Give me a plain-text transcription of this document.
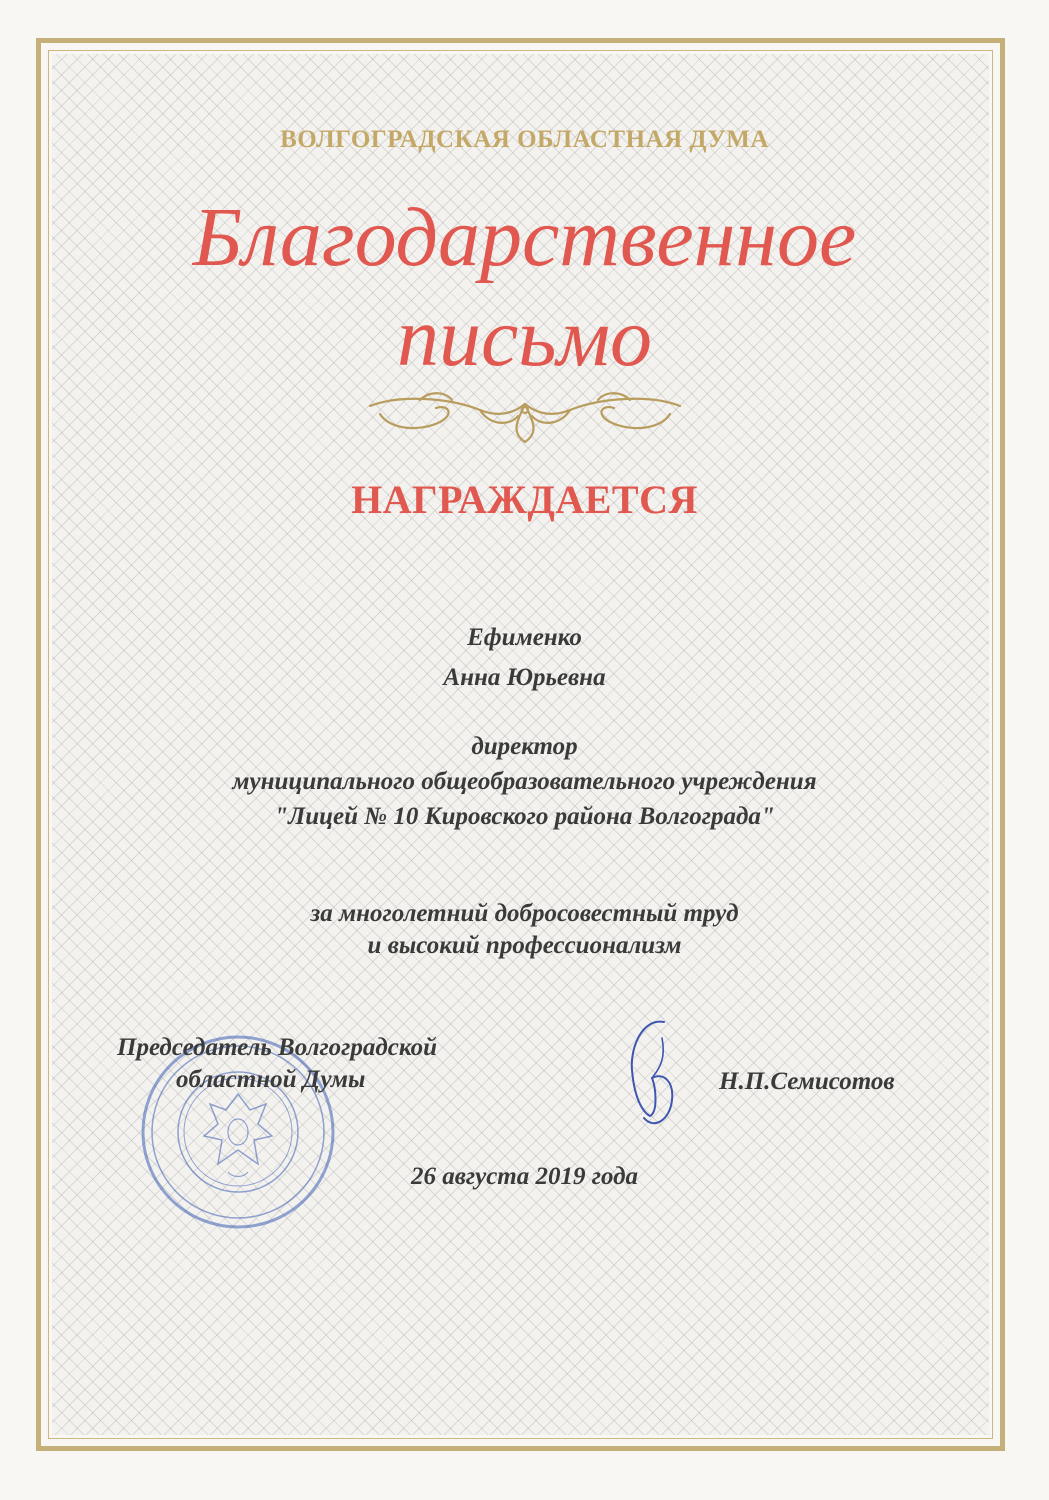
ВОЛГОГРАДСКАЯ ОБЛАСТНАЯ ДУМА
Благодарственное
письмо
НАГРАЖДАЕТСЯ
Ефименко
Анна Юрьевна
директор
муниципального общеобразовательного учреждения
"Лицей № 10 Кировского района Волгограда"
за многолетний добросовестный труд
и высокий профессионализм
Председатель Волгоградской
областной Думы	Н.П.Семисотов
26 августа 2019 года
